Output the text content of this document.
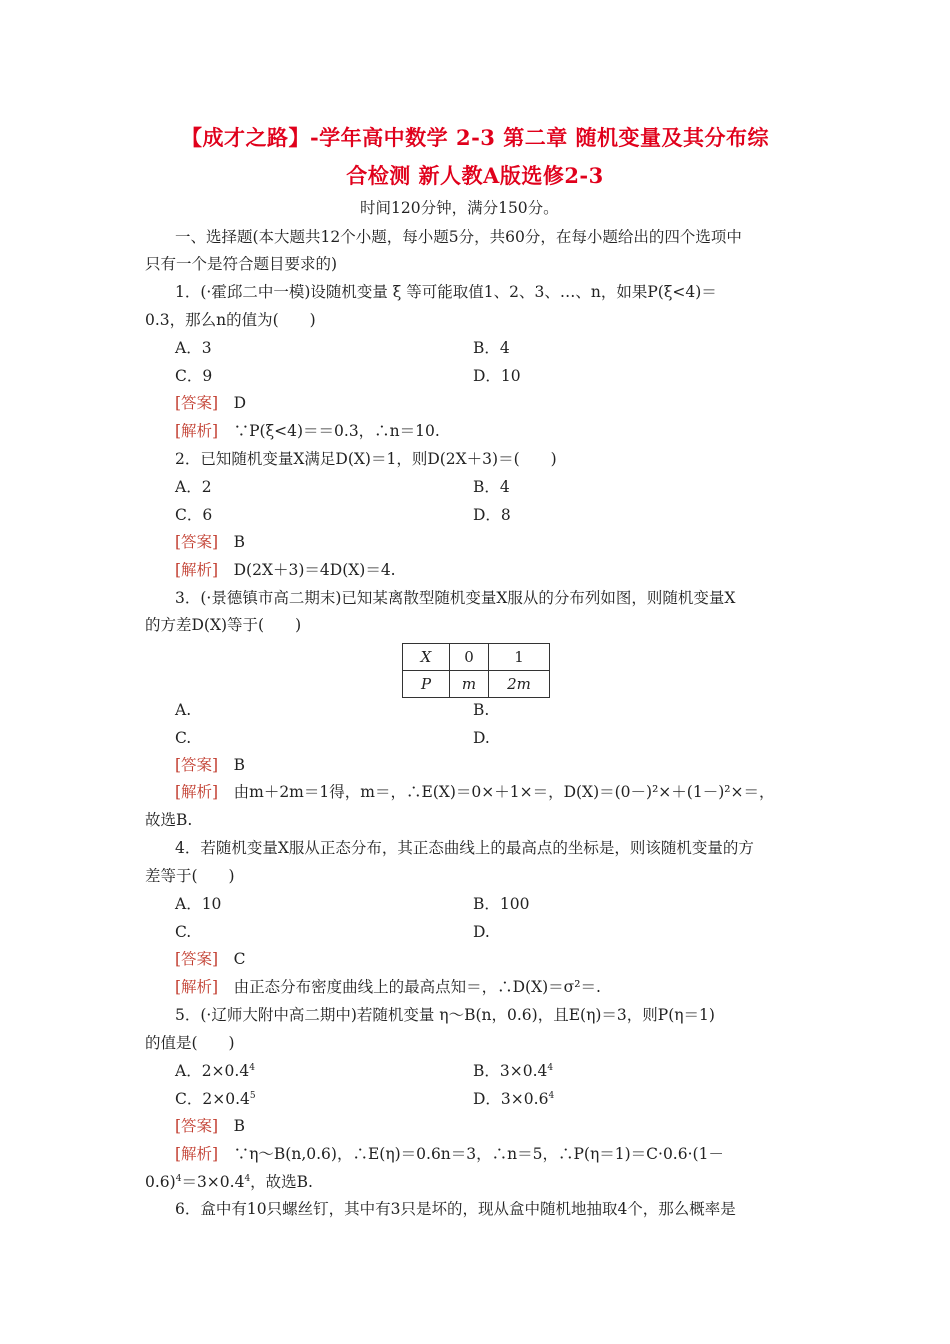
【成才之路】-学年高中数学 2-3 第二章 随机变量及其分布综
合检测 新人教A版选修2-3
时间120分钟，满分150分。
一、选择题(本大题共12个小题，每小题5分，共60分，在每小题给出的四个选项中
只有一个是符合题目要求的)
1．(·霍邱二中一模)设随机变量 ξ 等可能取值1、2、3、…、n，如果P(ξ<4)＝
0.3，那么n的值为(　　)
A．3	B．4
C．9	D．10
[答案]　 D
[解析]　 ∵P(ξ<4)＝＝0.3，∴n＝10.
2．已知随机变量X满足D(X)＝1，则D(2X＋3)＝(　　)
A．2	B．4
C．6	D．8
[答案]　 B
[解析]　 D(2X＋3)＝4D(X)＝4.
3．(·景德镇市高二期末)已知某离散型随机变量X服从的分布列如图，则随机变量X
的方差D(X)等于(　　)
X	0	1
P	m	2m
A.	B.
C.	D.
[答案]　 B
[解析]　 由m＋2m＝1得，m＝，∴E(X)＝0×＋1×＝，D(X)＝(0－)²×＋(1－)²×＝，
故选B.
4．若随机变量X服从正态分布，其正态曲线上的最高点的坐标是，则该随机变量的方
差等于(　　)
A．10	B．100
C.	D.
[答案]　 C
[解析]　 由正态分布密度曲线上的最高点知＝，∴D(X)＝σ²＝.
5．(·辽师大附中高二期中)若随机变量 η～B(n，0.6)，且E(η)＝3，则P(η＝1)
的值是(　　)
A．$2\times 0.4^4$	B．$3\times 0.4^4$
C．$2\times 0.4^5$	D．$3\times 0.6^4$
[答案]　 B
[解析]　 ∵η～B(n,0.6)，∴E(η)＝0.6n＝3，∴n＝5，∴P(η＝1)＝C·0.6·(1－
$0.6)^4=3\times 0.4^4$，故选B.
6．盒中有10只螺丝钉，其中有3只是坏的，现从盒中随机地抽取4个，那么概率是
